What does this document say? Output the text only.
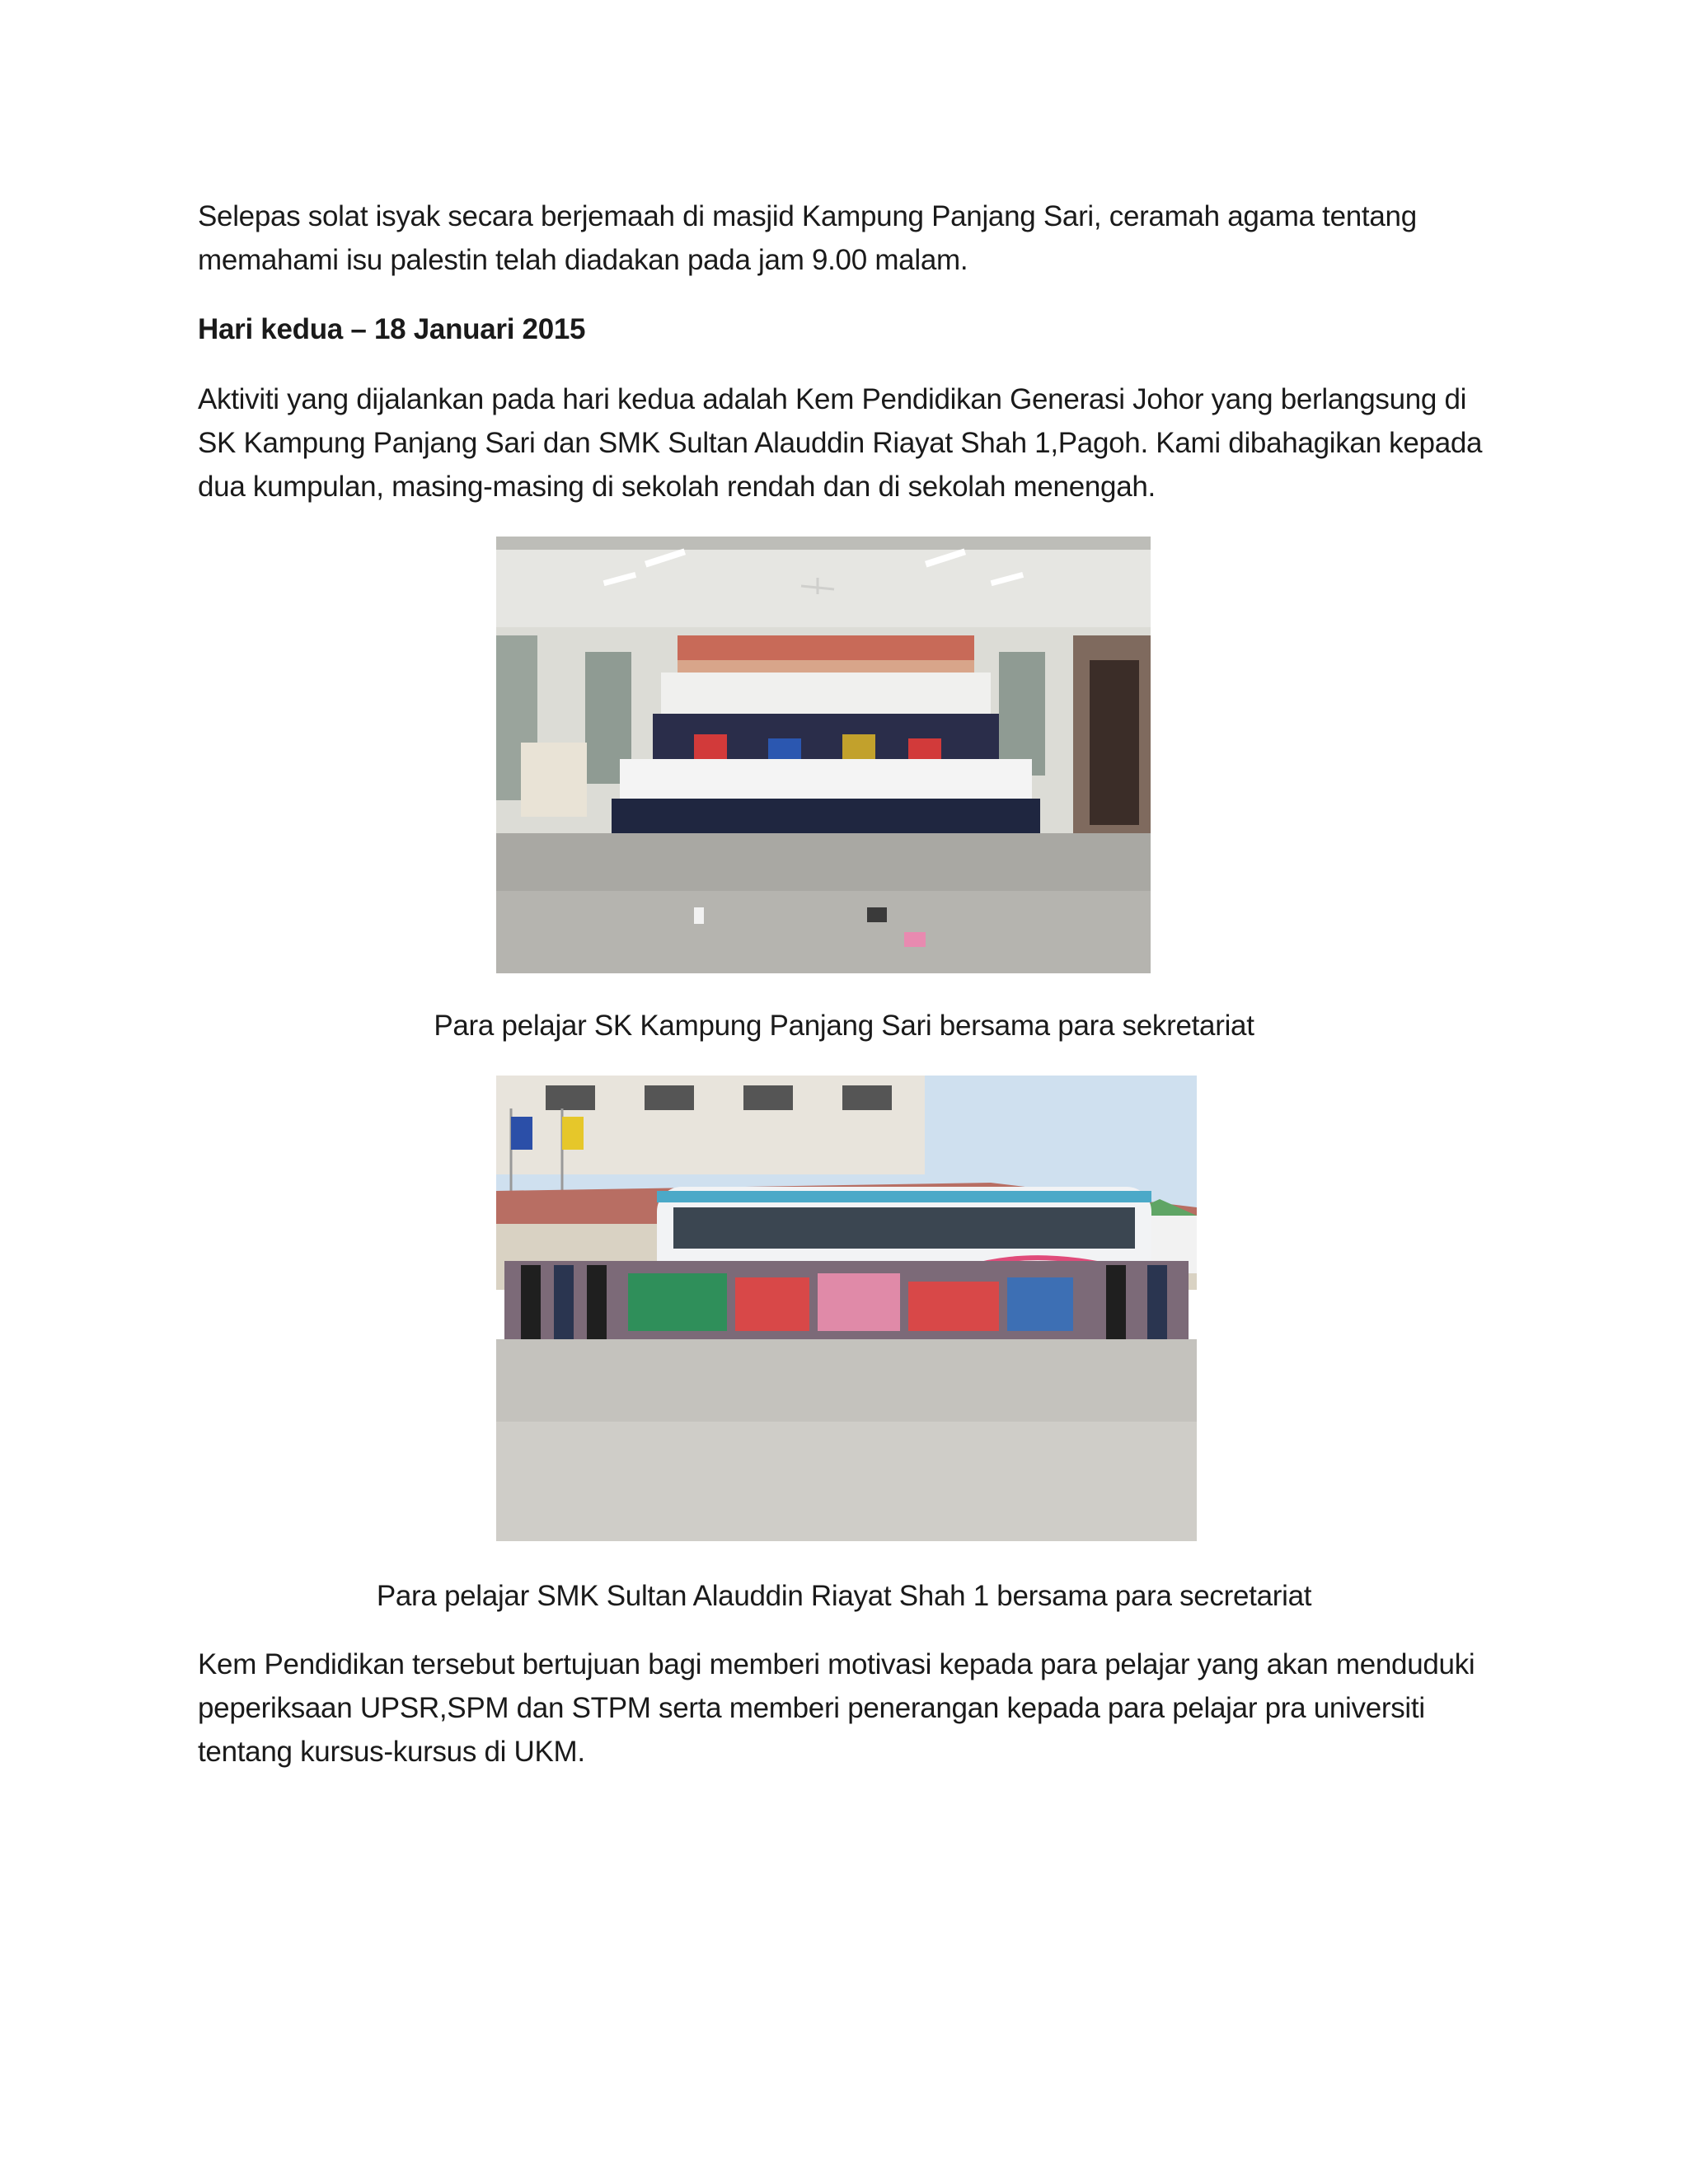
Selepas solat isyak secara berjemaah di masjid Kampung Panjang Sari, ceramah agama tentang memahami isu palestin telah diadakan pada jam 9.00 malam.

Hari kedua – 18 Januari 2015

Aktiviti yang dijalankan pada hari kedua adalah Kem Pendidikan Generasi Johor yang berlangsung di SK Kampung Panjang Sari dan SMK Sultan Alauddin Riayat Shah 1,Pagoh. Kami dibahagikan kepada dua kumpulan, masing-masing di sekolah rendah dan di sekolah menengah.

Para pelajar SK Kampung Panjang Sari bersama para sekretariat

Para pelajar SMK Sultan Alauddin Riayat Shah 1 bersama para secretariat

Kem Pendidikan tersebut bertujuan bagi memberi motivasi kepada para pelajar yang akan menduduki peperiksaan UPSR,SPM dan STPM serta memberi penerangan kepada para pelajar pra universiti tentang kursus-kursus di UKM.
